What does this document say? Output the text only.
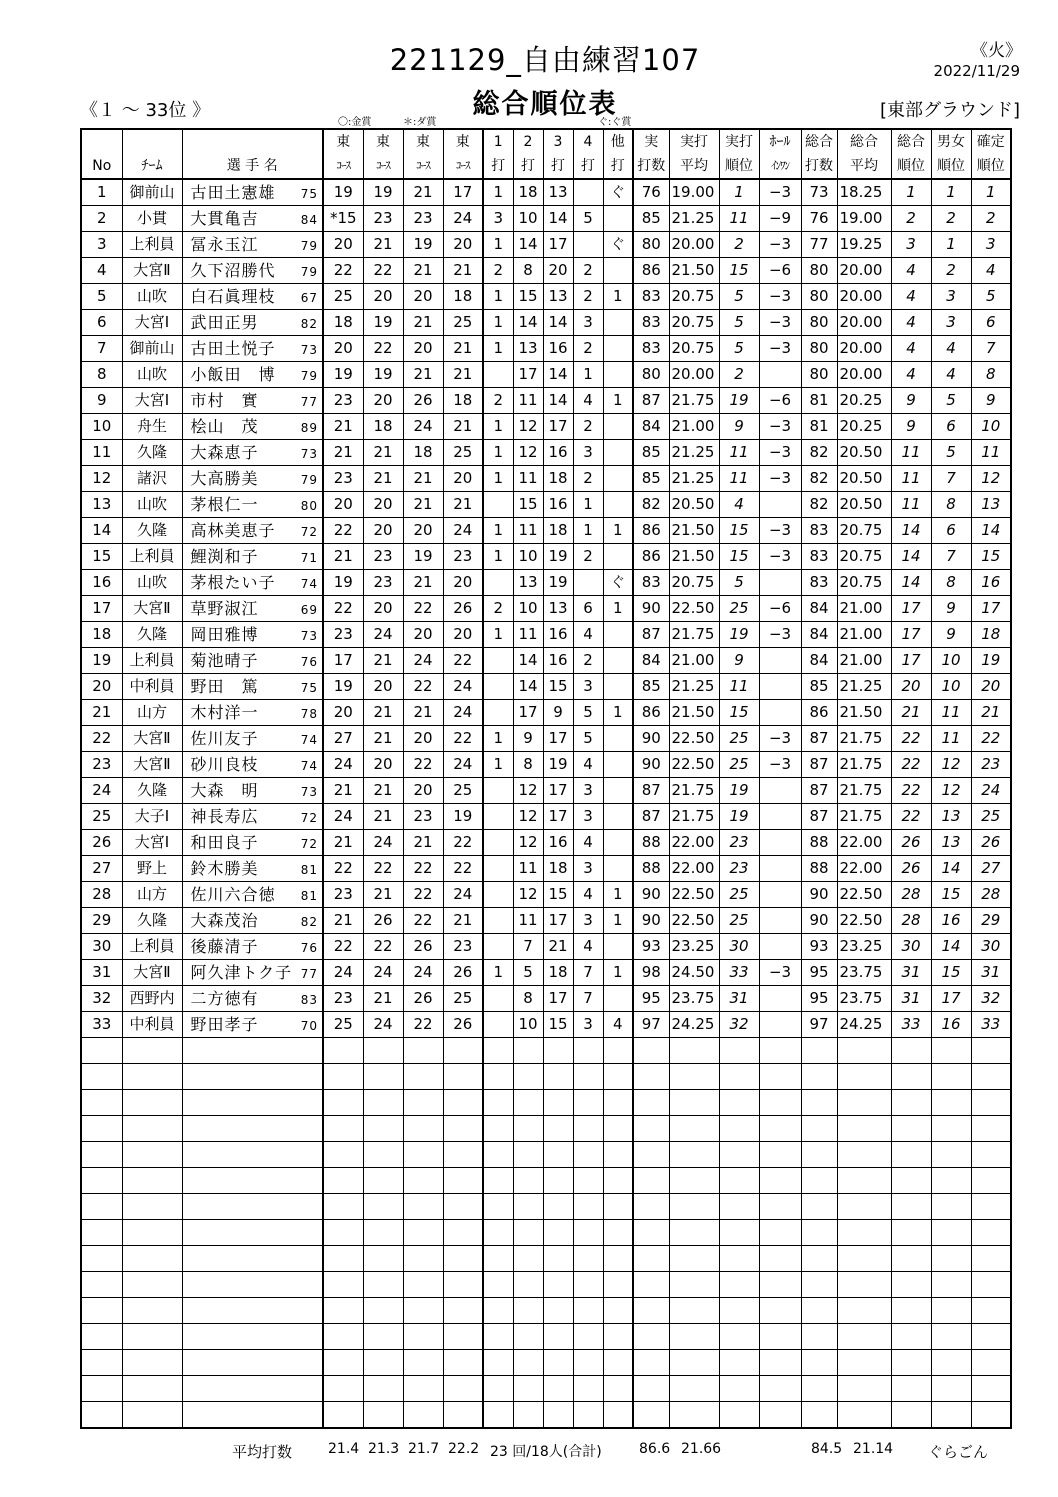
221129_自由練習107
総合順位表
《火》
2022/11/29
《１ ～ 33位 》	[東部グラウンド]
〇:金賞	＊:ダ賞	ぐ:ぐ賞
No	ﾁｰﾑ	選 手 名	東	東	東	東	1	2	3	4	他	実	実打	実打	ﾎｰﾙ	総合	総合	総合	男女	確定
			ｺｰｽ	ｺｰｽ	ｺｰｽ	ｺｰｽ	打	打	打	打	打	打数	平均	順位	ｲﾝﾜﾝ	打数	平均	順位	順位	順位
1	御前山	古田土憲雄 75	19	19	21	17	1	18	13		ぐ	76	19.00	1	−3	73	18.25	1	1	1
2	小貫	大貫亀吉 84	*15	23	23	24	3	10	14	5		85	21.25	11	−9	76	19.00	2	2	2
3	上利員	冨永玉江 79	20	21	19	20	1	14	17		ぐ	80	20.00	2	−3	77	19.25	3	1	3
4	大宮Ⅱ	久下沼勝代 79	22	22	21	21	2	8	20	2		86	21.50	15	−6	80	20.00	4	2	4
5	山吹	白石眞理枝 67	25	20	20	18	1	15	13	2	1	83	20.75	5	−3	80	20.00	4	3	5
6	大宮Ⅰ	武田正男 82	18	19	21	25	1	14	14	3		83	20.75	5	−3	80	20.00	4	3	6
7	御前山	古田土悦子 73	20	22	20	21	1	13	16	2		83	20.75	5	−3	80	20.00	4	4	7
8	山吹	小飯田　博 79	19	19	21	21		17	14	1		80	20.00	2		80	20.00	4	4	8
9	大宮Ⅰ	市村　實 77	23	20	26	18	2	11	14	4	1	87	21.75	19	−6	81	20.25	9	5	9
10	舟生	桧山　茂 89	21	18	24	21	1	12	17	2		84	21.00	9	−3	81	20.25	9	6	10
11	久隆	大森恵子 73	21	21	18	25	1	12	16	3		85	21.25	11	−3	82	20.50	11	5	11
12	諸沢	大高勝美 79	23	21	21	20	1	11	18	2		85	21.25	11	−3	82	20.50	11	7	12
13	山吹	茅根仁一 80	20	20	21	21		15	16	1		82	20.50	4		82	20.50	11	8	13
14	久隆	高林美恵子 72	22	20	20	24	1	11	18	1	1	86	21.50	15	−3	83	20.75	14	6	14
15	上利員	鯉渕和子 71	21	23	19	23	1	10	19	2		86	21.50	15	−3	83	20.75	14	7	15
16	山吹	茅根たい子 74	19	23	21	20		13	19		ぐ	83	20.75	5		83	20.75	14	8	16
17	大宮Ⅱ	草野淑江 69	22	20	22	26	2	10	13	6	1	90	22.50	25	−6	84	21.00	17	9	17
18	久隆	岡田雅博 73	23	24	20	20	1	11	16	4		87	21.75	19	−3	84	21.00	17	9	18
19	上利員	菊池晴子 76	17	21	24	22		14	16	2		84	21.00	9		84	21.00	17	10	19
20	中利員	野田　篤 75	19	20	22	24		14	15	3		85	21.25	11		85	21.25	20	10	20
21	山方	木村洋一 78	20	21	21	24		17	9	5	1	86	21.50	15		86	21.50	21	11	21
22	大宮Ⅱ	佐川友子 74	27	21	20	22	1	9	17	5		90	22.50	25	−3	87	21.75	22	11	22
23	大宮Ⅱ	砂川良枝 74	24	20	22	24	1	8	19	4		90	22.50	25	−3	87	21.75	22	12	23
24	久隆	大森　明 73	21	21	20	25		12	17	3		87	21.75	19		87	21.75	22	12	24
25	大子Ⅰ	神長寿広 72	24	21	23	19		12	17	3		87	21.75	19		87	21.75	22	13	25
26	大宮Ⅰ	和田良子 72	21	24	21	22		12	16	4		88	22.00	23		88	22.00	26	13	26
27	野上	鈴木勝美 81	22	22	22	22		11	18	3		88	22.00	23		88	22.00	26	14	27
28	山方	佐川六合徳 81	23	21	22	24		12	15	4	1	90	22.50	25		90	22.50	28	15	28
29	久隆	大森茂治 82	21	26	22	21		11	17	3	1	90	22.50	25		90	22.50	28	16	29
30	上利員	後藤清子 76	22	22	26	23		7	21	4		93	23.25	30		93	23.25	30	14	30
31	大宮Ⅱ	阿久津トク子 77	24	24	24	26	1	5	18	7	1	98	24.50	33	−3	95	23.75	31	15	31
32	西野内	二方徳有 83	23	21	26	25		8	17	7		95	23.75	31		95	23.75	31	17	32
33	中利員	野田孝子 70	25	24	22	26		10	15	3	4	97	24.25	32		97	24.25	33	16	33

平均打数	21.4 21.3 21.7 22.2 23 回/18人(合計)	86.6 21.66	84.5 21.14 ぐらごん
